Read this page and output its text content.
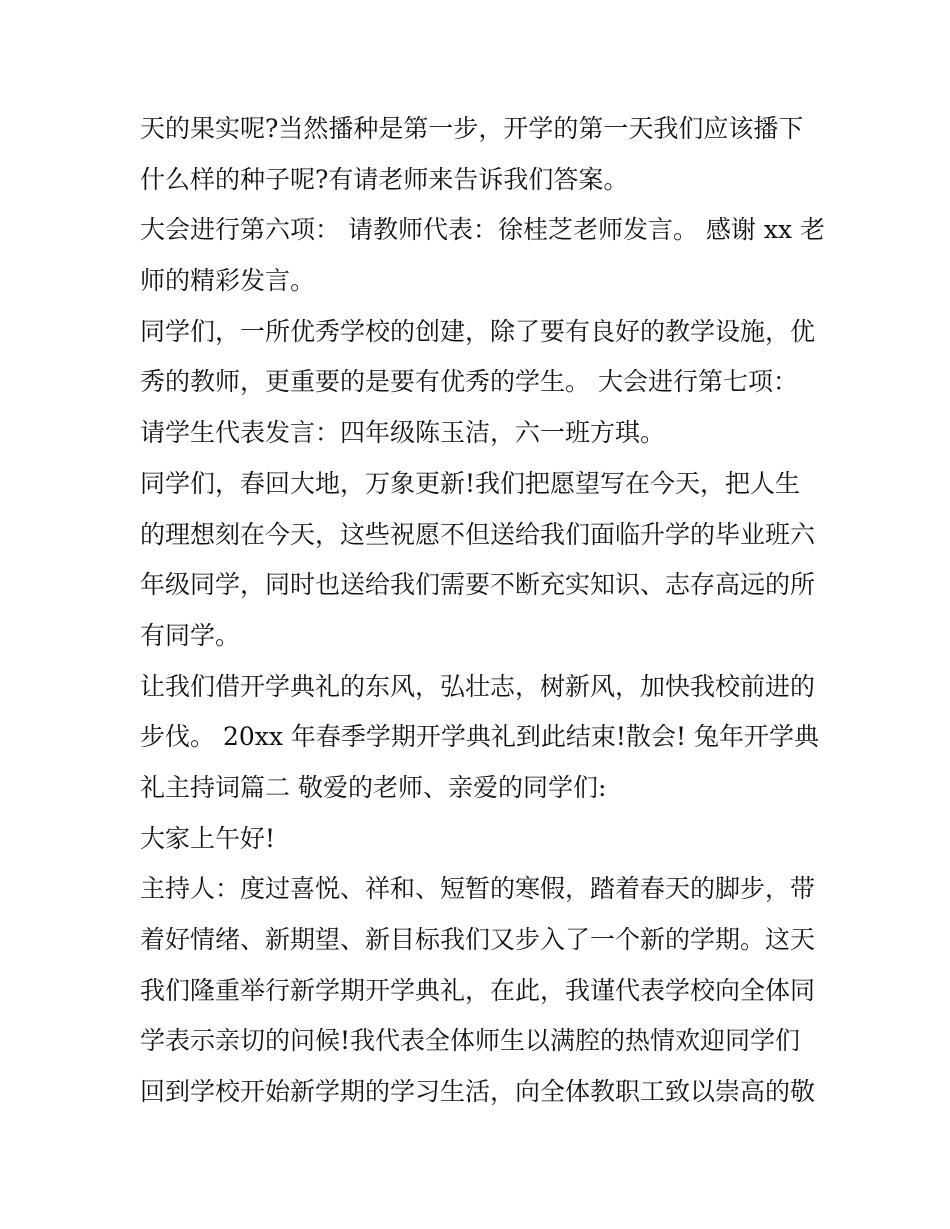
天的果实呢?当然播种是第一步，开学的第一天我们应该播下
什么样的种子呢?有请老师来告诉我们答案。
大会进行第六项： 请教师代表：徐桂芝老师发言。 感谢 xx 老
师的精彩发言。
同学们，一所优秀学校的创建，除了要有良好的教学设施，优
秀的教师，更重要的是要有优秀的学生。 大会进行第七项：
请学生代表发言：四年级陈玉洁，六一班方琪。
同学们，春回大地，万象更新!我们把愿望写在今天，把人生
的理想刻在今天，这些祝愿不但送给我们面临升学的毕业班六
年级同学，同时也送给我们需要不断充实知识、志存高远的所
有同学。
让我们借开学典礼的东风，弘壮志，树新风，加快我校前进的
步伐。 20xx 年春季学期开学典礼到此结束!散会! 兔年开学典
礼主持词篇二 敬爱的老师、亲爱的同学们:
大家上午好!
主持人：度过喜悦、祥和、短暂的寒假，踏着春天的脚步，带
着好情绪、新期望、新目标我们又步入了一个新的学期。这天
我们隆重举行新学期开学典礼，在此，我谨代表学校向全体同
学表示亲切的问候!我代表全体师生以满腔的热情欢迎同学们
回到学校开始新学期的学习生活，向全体教职工致以崇高的敬
